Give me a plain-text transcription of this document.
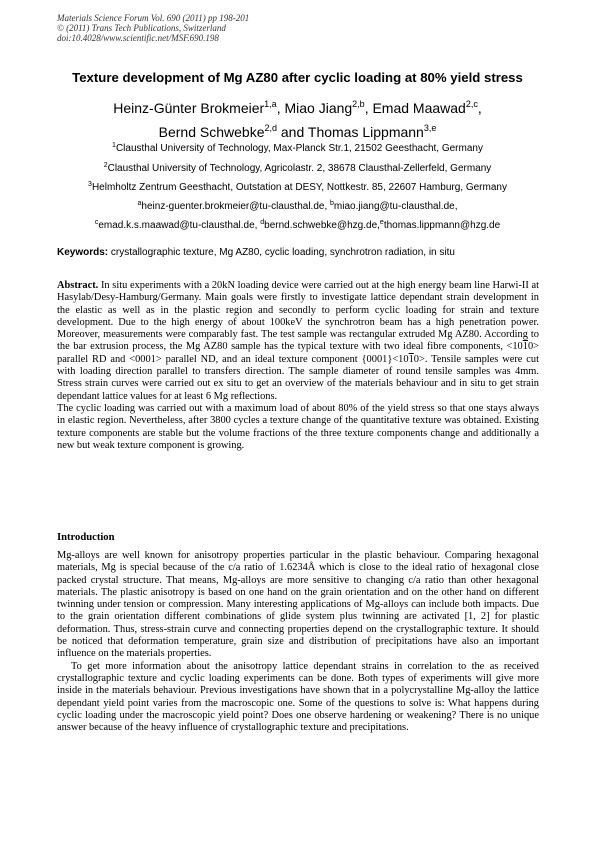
Materials Science Forum Vol. 690 (2011) pp 198-201
© (2011) Trans Tech Publications, Switzerland
doi:10.4028/www.scientific.net/MSF.690.198
Texture development of Mg AZ80 after cyclic loading at 80% yield stress
Heinz-Günter Brokmeier$^{1,a}$, Miao Jiang$^{2,b}$, Emad Maawad$^{2,c}$,
Bernd Schwebke$^{2,d}$ and Thomas Lippmann$^{3,e}$
$^1$Clausthal University of Technology, Max-Planck Str.1, 21502 Geesthacht, Germany
$^2$Clausthal University of Technology, Agricolastr. 2, 38678 Clausthal-Zellerfeld, Germany
$^3$Helmholtz Zentrum Geesthacht, Outstation at DESY, Nottkestr. 85, 22607 Hamburg, Germany
$^a$heinz-guenter.brokmeier@tu-clausthal.de, $^b$miao.jiang@tu-clausthal.de,
$^c$emad.k.s.maawad@tu-clausthal.de, $^d$bernd.schwebke@hzg.de,$^e$thomas.lippmann@hzg.de
Keywords: crystallographic texture, Mg AZ80, cyclic loading, synchrotron radiation, in situ

Abstract. In situ experiments with a 20kN loading device were carried out at the high energy beam line Harwi-II at Hasylab/Desy-Hamburg/Germany. Main goals were firstly to investigate lattice dependant strain development in the elastic as well as in the plastic region and secondly to perform cyclic loading for strain and texture development. Due to the high energy of about 100keV the synchrotron beam has a high penetration power. Moreover, measurements were comparably fast. The test sample was rectangular extruded Mg AZ80. According to the bar extrusion process, the Mg AZ80 sample has the typical texture with two ideal fibre components, <1010> parallel RD and <0001> parallel ND, and an ideal texture component {0001}<1010>. Tensile samples were cut with loading direction parallel to transfers direction. The sample diameter of round tensile samples was 4mm. Stress strain curves were carried out ex situ to get an overview of the materials behaviour and in situ to get strain dependant lattice values for at least 6 Mg reflections.

The cyclic loading was carried out with a maximum load of about 80% of the yield stress so that one stays always in elastic region. Nevertheless, after 3800 cycles a texture change of the quantitative texture was obtained. Existing texture components are stable but the volume fractions of the three texture components change and additionally a new but weak texture component is growing.

Introduction

Mg-alloys are well known for anisotropy properties particular in the plastic behaviour. Comparing hexagonal materials, Mg is special because of the c/a ratio of 1.6234Å which is close to the ideal ratio of hexagonal close packed crystal structure. That means, Mg-alloys are more sensitive to changing c/a ratio than other hexagonal materials. The plastic anisotropy is based on one hand on the grain orientation and on the other hand on different twinning under tension or compression. Many interesting applications of Mg-alloys can include both impacts. Due to the grain orientation different combinations of glide system plus twinning are activated [1, 2] for plastic deformation. Thus, stress-strain curve and connecting properties depend on the crystallographic texture. It should be noticed that deformation temperature, grain size and distribution of precipitations have also an important influence on the materials properties.

To get more information about the anisotropy lattice dependant strains in correlation to the as received crystallographic texture and cyclic loading experiments can be done. Both types of experiments will give more inside in the materials behaviour. Previous investigations have shown that in a polycrystalline Mg-alloy the lattice dependant yield point varies from the macroscopic one. Some of the questions to solve is: What happens during cyclic loading under the macroscopic yield point? Does one observe hardening or weakening? There is no unique answer because of the heavy influence of crystallographic texture and precipitations.
